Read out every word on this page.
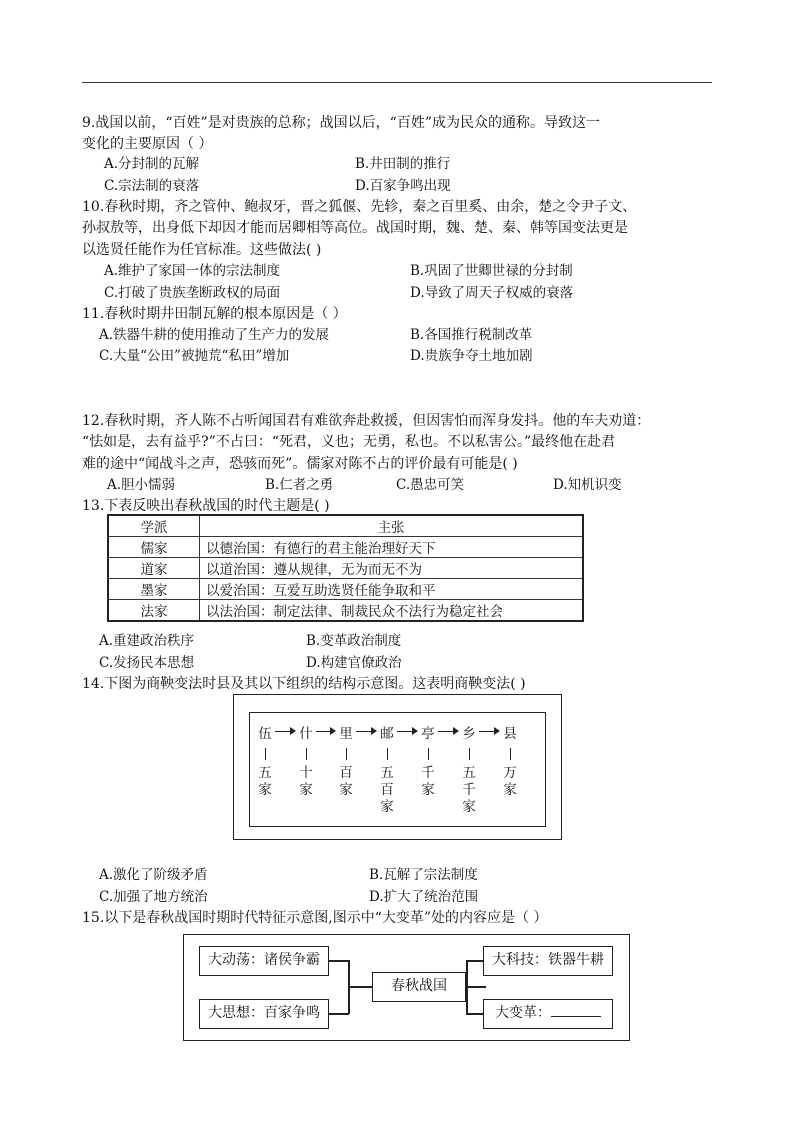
9.战国以前，“百姓”是对贵族的总称；战国以后，“百姓”成为民众的通称。导致这一
变化的主要原因（ ）
A.分封制的瓦解	B.井田制的推行
C.宗法制的衰落	D.百家争鸣出现
10.春秋时期，齐之管仲、鲍叔牙，晋之狐偃、先轸，秦之百里奚、由余，楚之令尹子文、
孙叔敖等，出身低下却因才能而居卿相等高位。战国时期，魏、楚、秦、韩等国变法更是
以选贤任能作为任官标准。这些做法( )
A.维护了家国一体的宗法制度	B.巩固了世卿世禄的分封制
C.打破了贵族垄断政权的局面	D.导致了周天子权威的衰落
11.春秋时期井田制瓦解的根本原因是（ ）
A.铁器牛耕的使用推动了生产力的发展	B.各国推行税制改革
C.大量“公田”被抛荒“私田”增加	D.贵族争夺土地加剧
12.春秋时期，齐人陈不占听闻国君有难欲奔赴救援，但因害怕而浑身发抖。他的车夫劝道：
“怯如是，去有益乎?”不占曰：“死君，义也；无勇，私也。不以私害公。”最终他在赴君
难的途中“闻战斗之声，恐骇而死”。儒家对陈不占的评价最有可能是( )
A.胆小懦弱	B.仁者之勇	C.愚忠可笑	D.知机识变
13.下表反映出春秋战国的时代主题是( )
学派	主张
儒家	以德治国：有德行的君主能治理好天下
道家	以道治国：遵从规律，无为而无不为
墨家	以爱治国：互爱互助选贤任能争取和平
法家	以法治国：制定法律、制裁民众不法行为稳定社会
A.重建政治秩序	B.变革政治制度
C.发扬民本思想	D.构建官僚政治
14.下图为商鞅变法时县及其以下组织的结构示意图。这表明商鞅变法( )
伍
五
家
什
十
家
里
百
家
邮
五
百
家
亭
千
家
乡
五
千
家
县
万
家
A.激化了阶级矛盾	B.瓦解了宗法制度
C.加强了地方统治	D.扩大了统治范围
15.以下是春秋战国时期时代特征示意图,图示中“大变革”处的内容应是（ ）
大动荡：诸侯争霸
大思想：百家争鸣
春秋战国
大科技：铁器牛耕
大变革：
